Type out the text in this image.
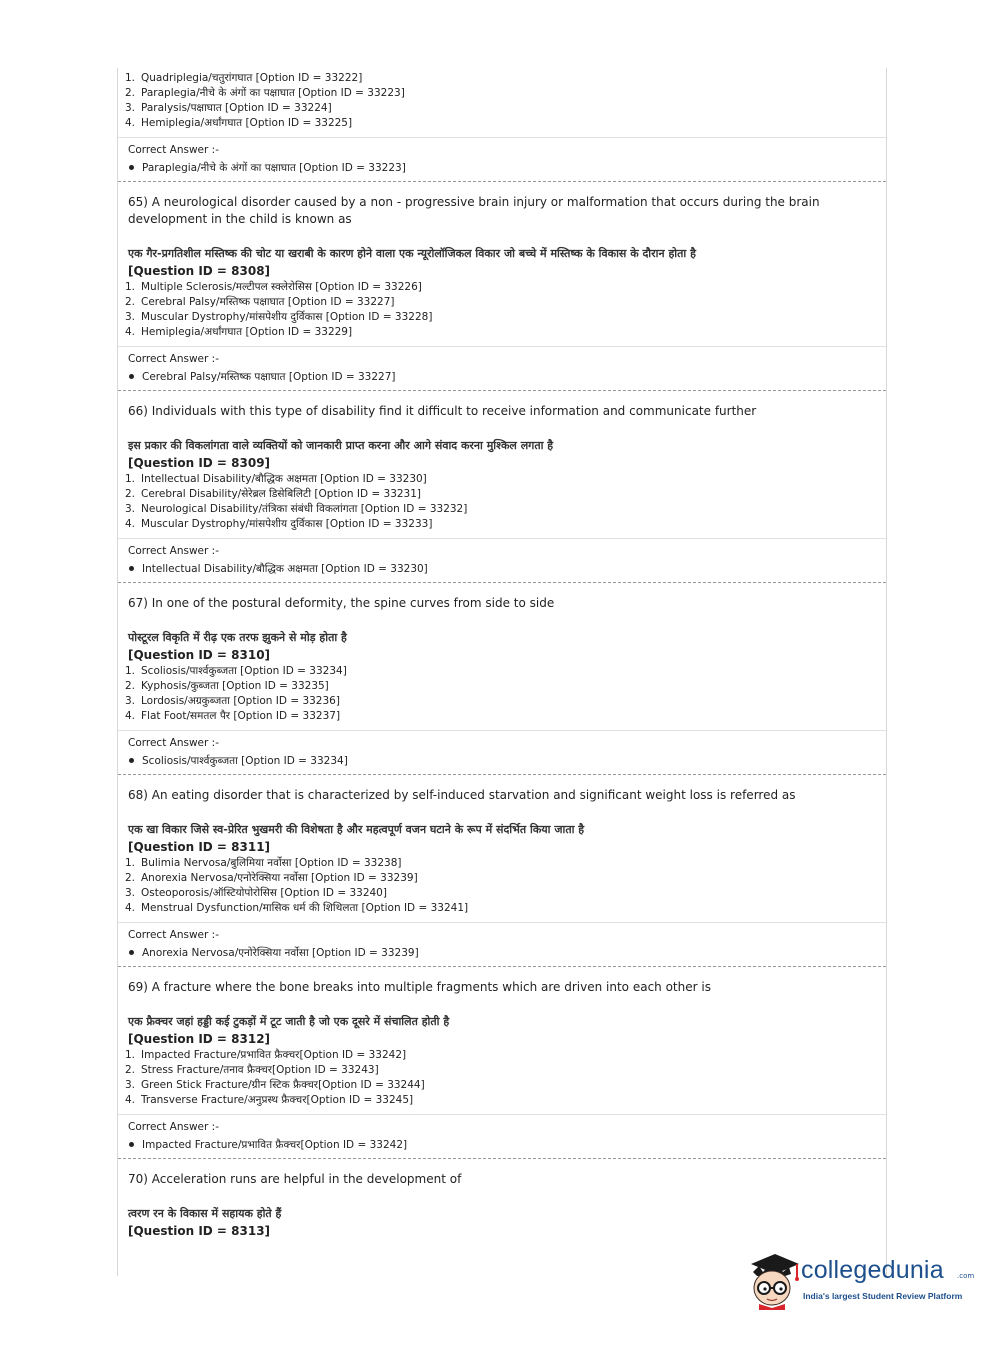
1. Quadriplegia/चतुरांगघात [Option ID = 33222]
2. Paraplegia/नीचे के अंगों का पक्षाघात [Option ID = 33223]
3. Paralysis/पक्षाघात [Option ID = 33224]
4. Hemiplegia/अर्धांगघात [Option ID = 33225]
Correct Answer :-
Paraplegia/नीचे के अंगों का पक्षाघात [Option ID = 33223]
65) A neurological disorder caused by a non - progressive brain injury or malformation that occurs during the brain development in the child is known as
एक गैर-प्रगतिशील मस्तिष्क की चोट या खराबी के कारण होने वाला एक न्यूरोलॉजिकल विकार जो बच्चे में मस्तिष्क के विकास के दौरान होता है
[Question ID = 8308]
1. Multiple Sclerosis/मल्टीपल स्क्लेरोसिस [Option ID = 33226]
2. Cerebral Palsy/मस्तिष्क पक्षाघात [Option ID = 33227]
3. Muscular Dystrophy/मांसपेशीय दुर्विकास [Option ID = 33228]
4. Hemiplegia/अर्धांगघात [Option ID = 33229]
Correct Answer :-
Cerebral Palsy/मस्तिष्क पक्षाघात [Option ID = 33227]
66) Individuals with this type of disability find it difficult to receive information and communicate further
इस प्रकार की विकलांगता वाले व्यक्तियों को जानकारी प्राप्त करना और आगे संवाद करना मुश्किल लगता है
[Question ID = 8309]
1. Intellectual Disability/बौद्धिक अक्षमता [Option ID = 33230]
2. Cerebral Disability/सेरेब्रल डिसेबिलिटी [Option ID = 33231]
3. Neurological Disability/तंत्रिका संबंधी विकलांगता [Option ID = 33232]
4. Muscular Dystrophy/मांसपेशीय दुर्विकास [Option ID = 33233]
Correct Answer :-
Intellectual Disability/बौद्धिक अक्षमता [Option ID = 33230]
67) In one of the postural deformity, the spine curves from side to side
पोस्टूरल विकृति में रीढ़ एक तरफ झुकने से मोड़ होता है
[Question ID = 8310]
1. Scoliosis/पार्श्वकुब्जता [Option ID = 33234]
2. Kyphosis/कुब्जता [Option ID = 33235]
3. Lordosis/अग्रकुब्जता [Option ID = 33236]
4. Flat Foot/समतल पैर [Option ID = 33237]
Correct Answer :-
Scoliosis/पार्श्वकुब्जता [Option ID = 33234]
68) An eating disorder that is characterized by self-induced starvation and significant weight loss is referred as
एक खा विकार जिसे स्व-प्रेरित भुखमरी की विशेषता है और महत्वपूर्ण वजन घटाने के रूप में संदर्भित किया जाता है
[Question ID = 8311]
1. Bulimia Nervosa/बुलिमिया नर्वोसा [Option ID = 33238]
2. Anorexia Nervosa/एनोरेक्सिया नर्वोसा [Option ID = 33239]
3. Osteoporosis/ऑस्टियोपोरोसिस [Option ID = 33240]
4. Menstrual Dysfunction/मासिक धर्म की शिथिलता [Option ID = 33241]
Correct Answer :-
Anorexia Nervosa/एनोरेक्सिया नर्वोसा [Option ID = 33239]
69) A fracture where the bone breaks into multiple fragments which are driven into each other is
एक फ्रैक्चर जहां हड्डी कई टुकड़ों में टूट जाती है जो एक दूसरे में संचालित होती है
[Question ID = 8312]
1. Impacted Fracture/प्रभावित फ्रैक्चर[Option ID = 33242]
2. Stress Fracture/तनाव फ्रैक्चर[Option ID = 33243]
3. Green Stick Fracture/ग्रीन स्टिक फ्रैक्चर[Option ID = 33244]
4. Transverse Fracture/अनुप्रस्थ फ्रैक्चर[Option ID = 33245]
Correct Answer :-
Impacted Fracture/प्रभावित फ्रैक्चर[Option ID = 33242]
70) Acceleration runs are helpful in the development of
त्वरण रन के विकास में सहायक होते हैं
[Question ID = 8313]
collegedunia .com
India's largest Student Review Platform
